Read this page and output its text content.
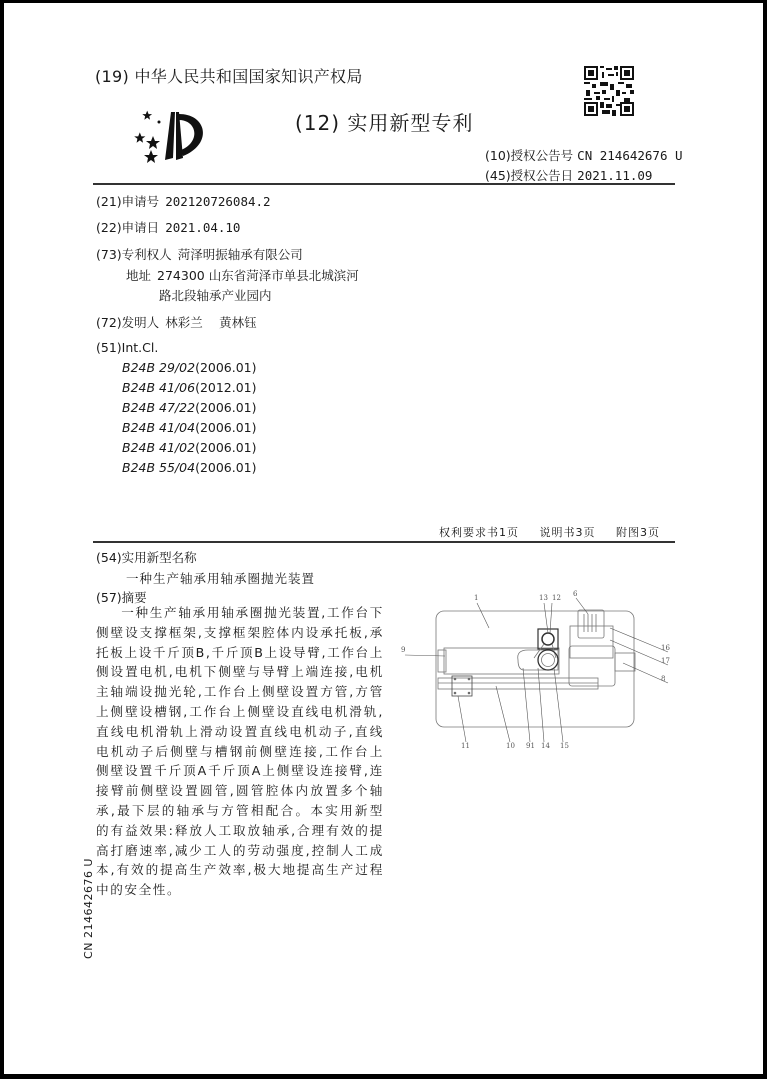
(19) 中华人民共和国国家知识产权局
(12) 实用新型专利
(10)授权公告号 CN 214642676 U
(45)授权公告日 2021.11.09
(21)申请号 202120726084.2
(22)申请日 2021.04.10
(73)专利权人 菏泽明振轴承有限公司
地址 274300 山东省菏泽市单县北城滨河
路北段轴承产业园内
(72)发明人 林彩兰　 黄林钰
(51)Int.Cl.
B24B 29/02(2006.01)
B24B 41/06(2012.01)
B24B 47/22(2006.01)
B24B 41/04(2006.01)
B24B 41/02(2006.01)
B24B 55/04(2006.01)
权利要求书1页 说明书3页 附图3页
(54)实用新型名称
一种生产轴承用轴承圈抛光装置
(57)摘要
一种生产轴承用轴承圈抛光装置,工作台下侧壁设支撑框架,支撑框架腔体内设承托板,承托板上设千斤顶B,千斤顶B上设导臂,工作台上侧设置电机,电机下侧壁与导臂上端连接,电机主轴端设抛光轮,工作台上侧壁设置方管,方管上侧壁设槽钢,工作台上侧壁设直线电机滑轨,直线电机滑轨上滑动设置直线电机动子,直线电机动子后侧壁与槽钢前侧壁连接,工作台上侧壁设置千斤顶A千斤顶A上侧壁设连接臂,连接臂前侧壁设置圆管,圆管腔体内放置多个轴承,最下层的轴承与方管相配合。本实用新型的有益效果:释放人工取放轴承,合理有效的提高打磨速率,减少工人的劳动强度,控制人工成本,有效的提高生产效率,极大地提高生产过程中的安全性。
CN 214642676 U
1	13 12 6
9	16
17
8
11	10 91 14 15
